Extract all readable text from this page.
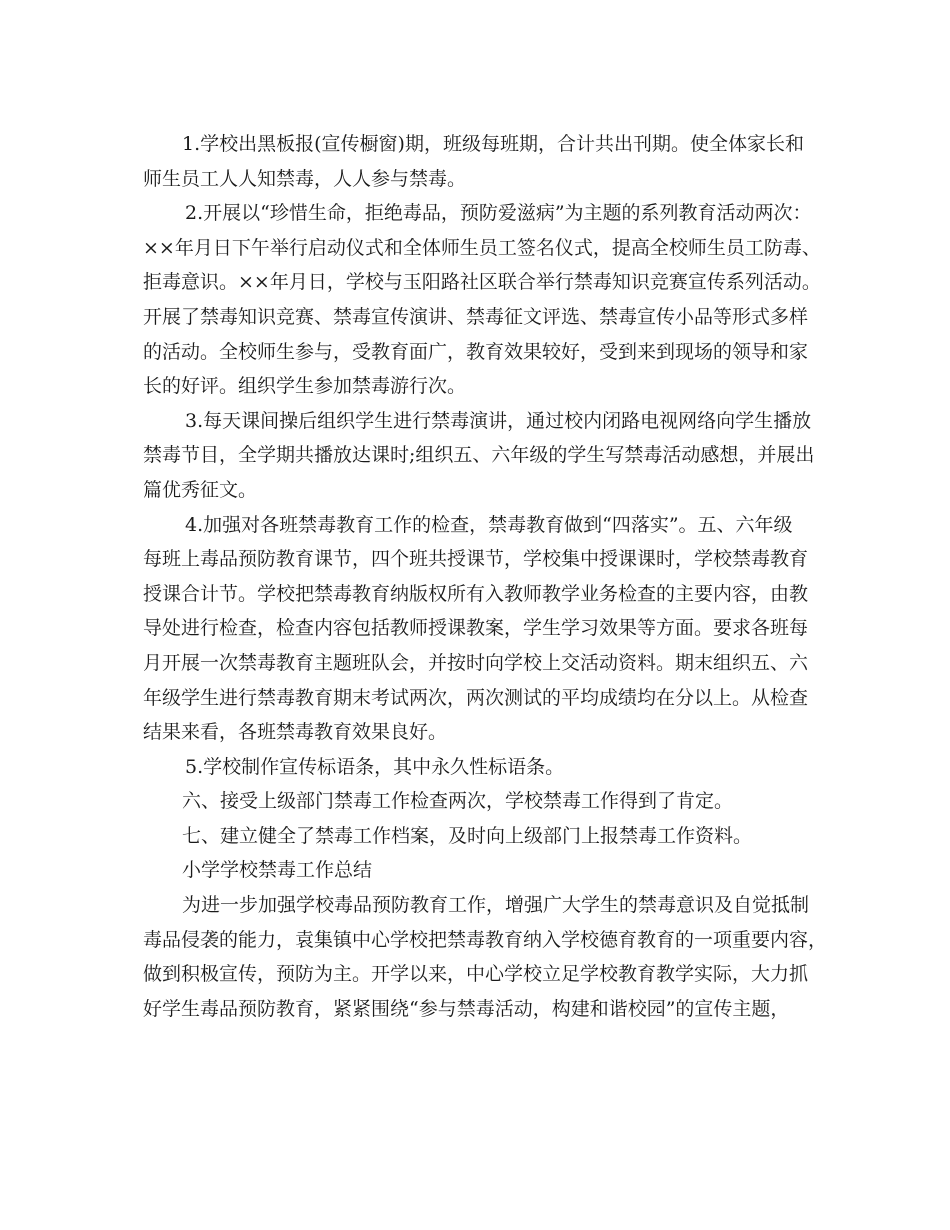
1.学校出黑板报(宣传橱窗)期，班级每班期，合计共出刊期。使全体家长和
师生员工人人知禁毒，人人参与禁毒。
2.开展以“珍惜生命，拒绝毒品，预防爱滋病”为主题的系列教育活动两次：
××年月日下午举行启动仪式和全体师生员工签名仪式，提高全校师生员工防毒、
拒毒意识。××年月日，学校与玉阳路社区联合举行禁毒知识竞赛宣传系列活动。
开展了禁毒知识竞赛、禁毒宣传演讲、禁毒征文评选、禁毒宣传小品等形式多样
的活动。全校师生参与，受教育面广，教育效果较好，受到来到现场的领导和家
长的好评。组织学生参加禁毒游行次。
3.每天课间操后组织学生进行禁毒演讲，通过校内闭路电视网络向学生播放
禁毒节目，全学期共播放达课时;组织五、六年级的学生写禁毒活动感想，并展出
篇优秀征文。
4.加强对各班禁毒教育工作的检查，禁毒教育做到“四落实”。五、六年级
每班上毒品预防教育课节，四个班共授课节，学校集中授课课时，学校禁毒教育
授课合计节。学校把禁毒教育纳版权所有入教师教学业务检查的主要内容，由教
导处进行检查，检查内容包括教师授课教案，学生学习效果等方面。要求各班每
月开展一次禁毒教育主题班队会，并按时向学校上交活动资料。期末组织五、六
年级学生进行禁毒教育期末考试两次，两次测试的平均成绩均在分以上。从检查
结果来看，各班禁毒教育效果良好。
5.学校制作宣传标语条，其中永久性标语条。
六、接受上级部门禁毒工作检查两次，学校禁毒工作得到了肯定。
七、建立健全了禁毒工作档案，及时向上级部门上报禁毒工作资料。
小学学校禁毒工作总结
为进一步加强学校毒品预防教育工作，增强广大学生的禁毒意识及自觉抵制
毒品侵袭的能力，袁集镇中心学校把禁毒教育纳入学校德育教育的一项重要内容，
做到积极宣传，预防为主。开学以来，中心学校立足学校教育教学实际，大力抓
好学生毒品预防教育，紧紧围绕“参与禁毒活动，构建和谐校园”的宣传主题，
